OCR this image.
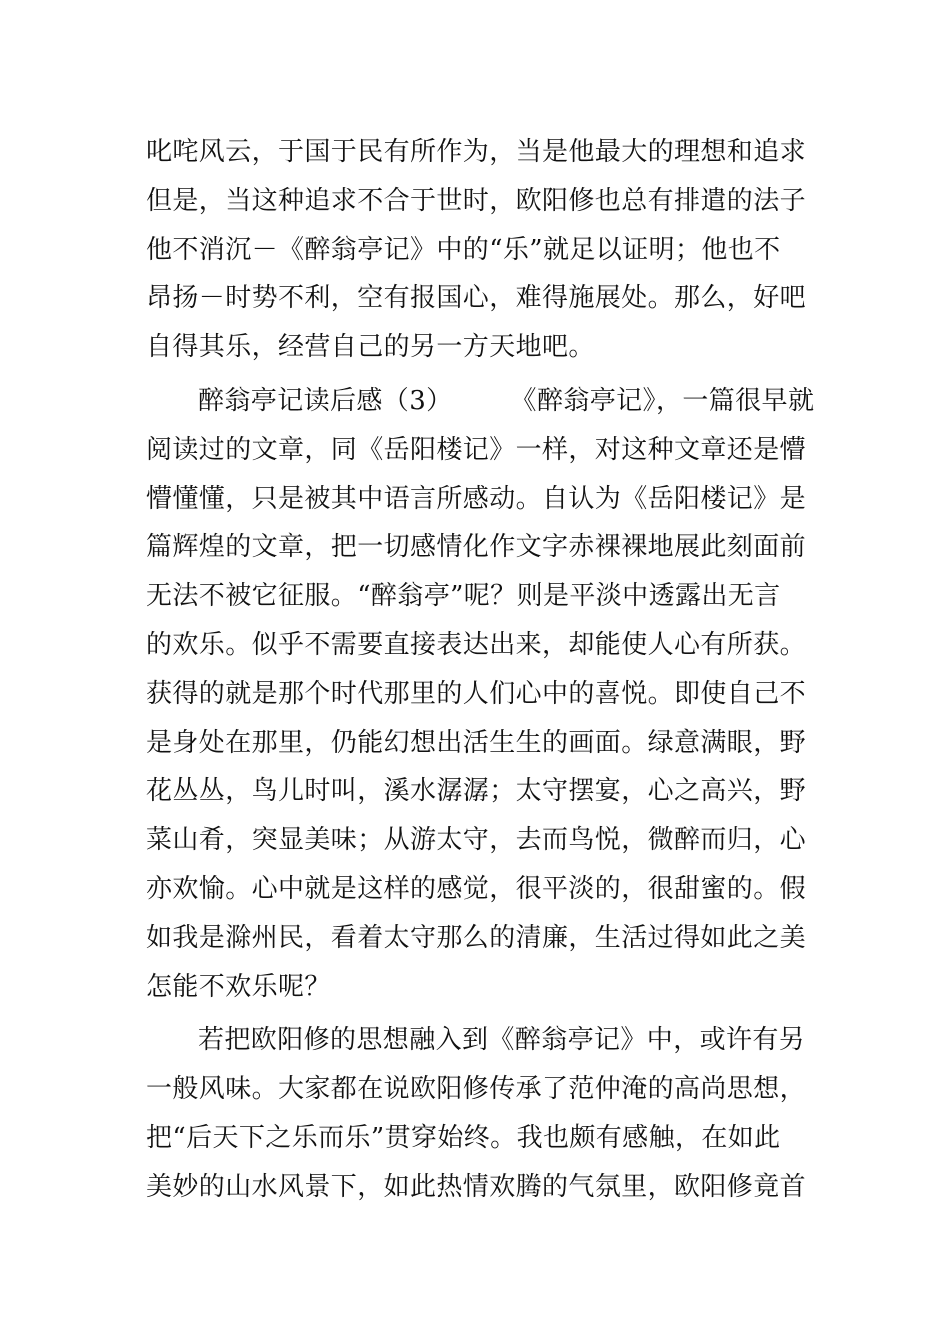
叱咤风云，于国于民有所作为，当是他最大的理想和追求
但是，当这种追求不合于世时，欧阳修也总有排遣的法子
他不消沉－《醉翁亭记》中的“乐”就足以证明；他也不
昂扬－时势不利，空有报国心，难得施展处。那么，好吧
自得其乐，经营自己的另一方天地吧。
醉翁亭记读后感（3） 《醉翁亭记》，一篇很早就
阅读过的文章，同《岳阳楼记》一样，对这种文章还是懵
懵懂懂，只是被其中语言所感动。自认为《岳阳楼记》是
篇辉煌的文章，把一切感情化作文字赤裸裸地展此刻面前
无法不被它征服。“醉翁亭”呢？则是平淡中透露出无言
的欢乐。似乎不需要直接表达出来，却能使人心有所获。
获得的就是那个时代那里的人们心中的喜悦。即使自己不
是身处在那里，仍能幻想出活生生的画面。绿意满眼，野
花丛丛，鸟儿时叫，溪水潺潺；太守摆宴，心之高兴，野
菜山肴，突显美味；从游太守，去而鸟悦，微醉而归，心
亦欢愉。心中就是这样的感觉，很平淡的，很甜蜜的。假
如我是滁州民，看着太守那么的清廉，生活过得如此之美
怎能不欢乐呢？
若把欧阳修的思想融入到《醉翁亭记》中，或许有另
一般风味。大家都在说欧阳修传承了范仲淹的高尚思想，
把“后天下之乐而乐”贯穿始终。我也颇有感触，在如此
美妙的山水风景下，如此热情欢腾的气氛里，欧阳修竟首
